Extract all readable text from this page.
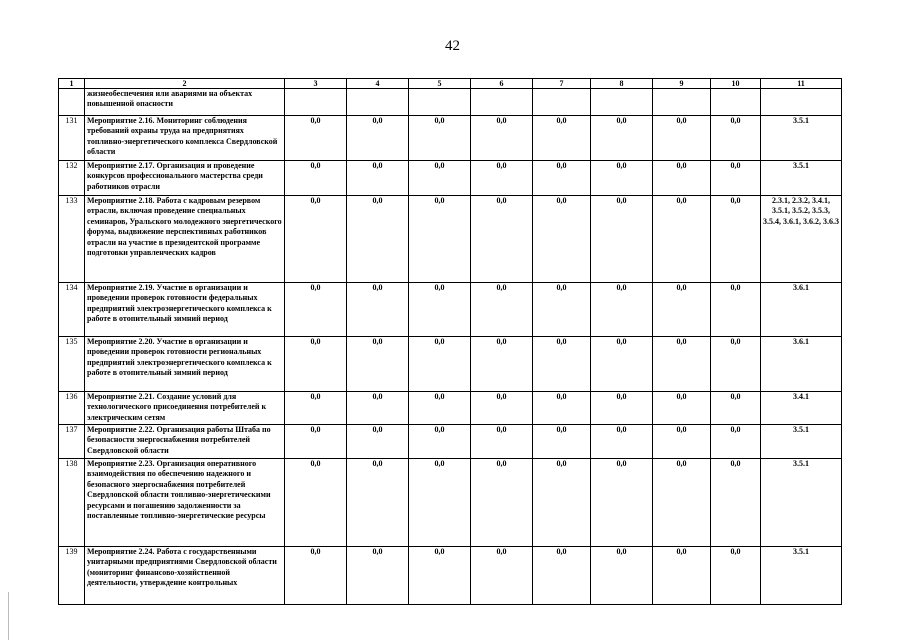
42
1	2	3	4	5	6	7	8	9	10	11
	жизнеобеспечения или авариями на объектах повышенной опасности									
131	Мероприятие 2.16. Мониторинг соблюдения требований охраны труда на предприятиях топливно-энергетического комплекса Свердловской области	0,0	0,0	0,0	0,0	0,0	0,0	0,0	0,0	3.5.1
132	Мероприятие 2.17. Организация и проведение конкурсов профессионального мастерства среди работников отрасли	0,0	0,0	0,0	0,0	0,0	0,0	0,0	0,0	3.5.1
133	Мероприятие 2.18. Работа с кадровым резервом отрасли, включая проведение специальных семинаров, Уральского молодежного энергетического форума, выдвижение перспективных работников отрасли на участие в президентской программе подготовки управленческих кадров	0,0	0,0	0,0	0,0	0,0	0,0	0,0	0,0	2.3.1, 2.3.2, 3.4.1, 3.5.1, 3.5.2, 3.5.3, 3.5.4, 3.6.1, 3.6.2, 3.6.3
134	Мероприятие 2.19. Участие в организации и проведении проверок готовности федеральных предприятий электроэнергетического комплекса к работе в отопительный зимний период	0,0	0,0	0,0	0,0	0,0	0,0	0,0	0,0	3.6.1
135	Мероприятие 2.20. Участие в организации и проведении проверок готовности региональных предприятий электроэнергетического комплекса к работе в отопительный зимний период	0,0	0,0	0,0	0,0	0,0	0,0	0,0	0,0	3.6.1
136	Мероприятие 2.21. Создание условий для технологического присоединения потребителей к электрическим сетям	0,0	0,0	0,0	0,0	0,0	0,0	0,0	0,0	3.4.1
137	Мероприятие 2.22. Организация работы Штаба по безопасности энергоснабжения потребителей Свердловской области	0,0	0,0	0,0	0,0	0,0	0,0	0,0	0,0	3.5.1
138	Мероприятие 2.23. Организация оперативного взаимодействия по обеспечению надежного и безопасного энергоснабжения потребителей Свердловской области топливно-энергетическими ресурсами и погашению задолженности за поставленные топливно-энергетические ресурсы	0,0	0,0	0,0	0,0	0,0	0,0	0,0	0,0	3.5.1
139	Мероприятие 2.24. Работа с государственными унитарными предприятиями Свердловской области (мониторинг финансово-хозяйственной деятельности, утверждение контрольных	0,0	0,0	0,0	0,0	0,0	0,0	0,0	0,0	3.5.1
